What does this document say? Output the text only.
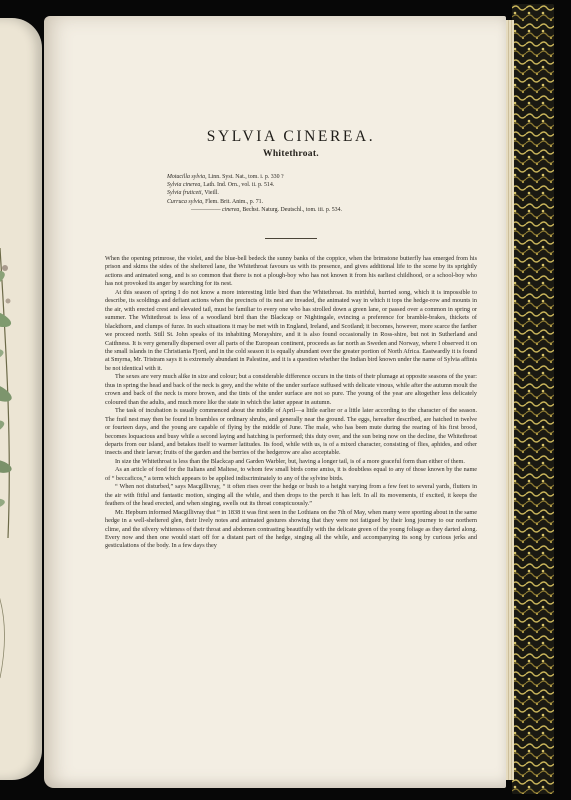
SYLVIA CINEREA.
Whitethroat.
Motacilla sylvia, Linn. Syst. Nat., tom. i. p. 330 ?
Sylvia cinerea, Lath. Ind. Orn., vol. ii. p. 514.
Sylvia fruticeti, Vieill.
Curruca sylvia, Flem. Brit. Anim., p. 71.
————— cinerea, Bechst. Naturg. Deutschl., tom. iii. p. 534.

When the opening primrose, the violet, and the blue-bell bedeck the sunny banks of the coppice, when the brimstone butterfly has emerged from his prison and skims the sides of the sheltered lane, the Whitethroat favours us with its presence, and gives additional life to the scene by its sprightly actions and animated song, and is so common that there is not a plough-boy who has not known it from his earliest childhood, or a school-boy who has not provoked its anger by searching for its nest.

At this season of spring I do not know a more interesting little bird than the Whitethroat. Its mirthful, hurried song, which it is impossible to describe, its scoldings and defiant actions when the precincts of its nest are invaded, the animated way in which it tops the hedge-row and mounts in the air, with erected crest and elevated tail, must be familiar to every one who has strolled down a green lane, or passed over a common in spring or summer. The Whitethroat is less of a woodland bird than the Blackcap or Nightingale, evincing a preference for bramble-brakes, thickets of blackthorn, and clumps of furze. In such situations it may be met with in England, Ireland, and Scotland; it becomes, however, more scarce the farther we proceed north. Still St. John speaks of its inhabiting Morayshire, and it is also found occasionally in Ross-shire, but not in Sutherland and Caithness. It is very generally dispersed over all parts of the European continent, proceeds as far north as Sweden and Norway, where I observed it on the small islands in the Christiania Fjord, and in the cold season it is equally abundant over the greater portion of North Africa. Eastwardly it is found at Smyrna, Mr. Tristram says it is extremely abundant in Palestine, and it is a question whether the Indian bird known under the name of Sylvia affinis be not identical with it.

The sexes are very much alike in size and colour; but a considerable difference occurs in the tints of their plumage at opposite seasons of the year: thus in spring the head and back of the neck is grey, and the white of the under surface suffused with delicate vinous, while after the autumn moult the crown and back of the neck is more brown, and the tints of the under surface are not so pure. The young of the year are altogether less delicately coloured than the adults, and much more like the state in which the latter appear in autumn.

The task of incubation is usually commenced about the middle of April—a little earlier or a little later according to the character of the season. The frail nest may then be found in brambles or ordinary shrubs, and generally near the ground. The eggs, hereafter described, are hatched in twelve or fourteen days, and the young are capable of flying by the middle of June. The male, who has been mute during the rearing of his first brood, becomes loquacious and busy while a second laying and hatching is performed; this duty over, and the sun being now on the decline, the Whitethroat departs from our island, and betakes itself to warmer latitudes. Its food, while with us, is of a mixed character, consisting of flies, aphides, and other insects and their larvæ; fruits of the garden and the berries of the hedgerow are also acceptable.

In size the Whitethroat is less than the Blackcap and Garden Warbler, but, having a longer tail, is of a more graceful form than either of them.

As an article of food for the Italians and Maltese, to whom few small birds come amiss, it is doubtless equal to any of those known by the name of “ beccaficos,” a term which appears to be applied indiscriminately to any of the sylvine birds.

“ When not disturbed,” says Macgillivray, “ it often rises over the hedge or bush to a height varying from a few feet to several yards, flutters in the air with fitful and fantastic motion, singing all the while, and then drops to the perch it has left. In all its movements, if excited, it keeps the feathers of the head erected, and when singing, swells out its throat conspicuously.”

Mr. Hepburn informed Macgillivray that “ in 1838 it was first seen in the Lothians on the 7th of May, when many were sporting about in the same hedge in a well-sheltered glen, their lively notes and animated gestures showing that they were not fatigued by their long journey to our northern clime, and the silvery whiteness of their throat and abdomen contrasting beautifully with the delicate green of the young foliage as they darted along. Every now and then one would start off for a distant part of the hedge, singing all the while, and accompanying its song by curious jerks and gesticulations of the body. In a few days they
